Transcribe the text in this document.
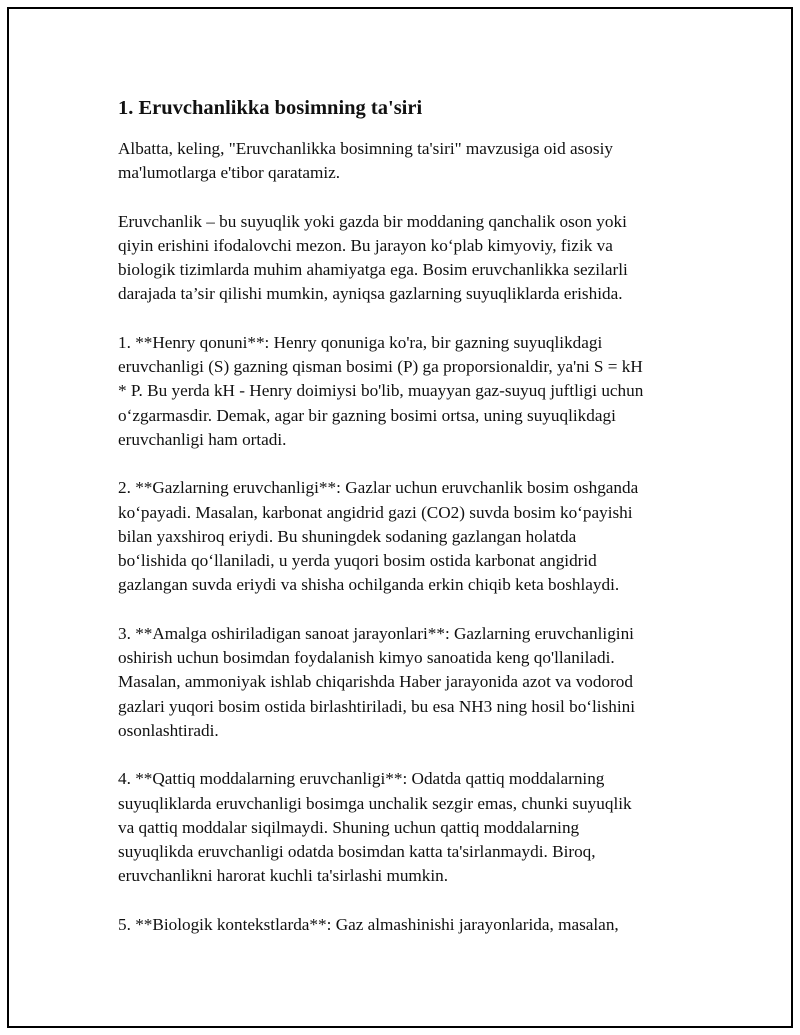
1. Eruvchanlikka bosimning ta'siri

Albatta, keling, "Eruvchanlikka bosimning ta'siri" mavzusiga oid asosiy
ma'lumotlarga e'tibor qaratamiz.

Eruvchanlik – bu suyuqlik yoki gazda bir moddaning qanchalik oson yoki
qiyin erishini ifodalovchi mezon. Bu jarayon ko‘plab kimyoviy, fizik va
biologik tizimlarda muhim ahamiyatga ega. Bosim eruvchanlikka sezilarli
darajada ta’sir qilishi mumkin, ayniqsa gazlarning suyuqliklarda erishida.

1. **Henry qonuni**: Henry qonuniga ko'ra, bir gazning suyuqlikdagi
eruvchanligi (S) gazning qisman bosimi (P) ga proporsionaldir, ya'ni S = kH
* P. Bu yerda kH - Henry doimiysi bo'lib, muayyan gaz-suyuq juftligi uchun
o‘zgarmasdir. Demak, agar bir gazning bosimi ortsa, uning suyuqlikdagi
eruvchanligi ham ortadi.

2. **Gazlarning eruvchanligi**: Gazlar uchun eruvchanlik bosim oshganda
ko‘payadi. Masalan, karbonat angidrid gazi (CO2) suvda bosim ko‘payishi
bilan yaxshiroq eriydi. Bu shuningdek sodaning gazlangan holatda
bo‘lishida qo‘llaniladi, u yerda yuqori bosim ostida karbonat angidrid
gazlangan suvda eriydi va shisha ochilganda erkin chiqib keta boshlaydi.

3. **Amalga oshiriladigan sanoat jarayonlari**: Gazlarning eruvchanligini
oshirish uchun bosimdan foydalanish kimyo sanoatida keng qo'llaniladi.
Masalan, ammoniyak ishlab chiqarishda Haber jarayonida azot va vodorod
gazlari yuqori bosim ostida birlashtiriladi, bu esa NH3 ning hosil bo‘lishini
osonlashtiradi.

4. **Qattiq moddalarning eruvchanligi**: Odatda qattiq moddalarning
suyuqliklarda eruvchanligi bosimga unchalik sezgir emas, chunki suyuqlik
va qattiq moddalar siqilmaydi. Shuning uchun qattiq moddalarning
suyuqlikda eruvchanligi odatda bosimdan katta ta'sirlanmaydi. Biroq,
eruvchanlikni harorat kuchli ta'sirlashi mumkin.

5. **Biologik kontekstlarda**: Gaz almashinishi jarayonlarida, masalan,
